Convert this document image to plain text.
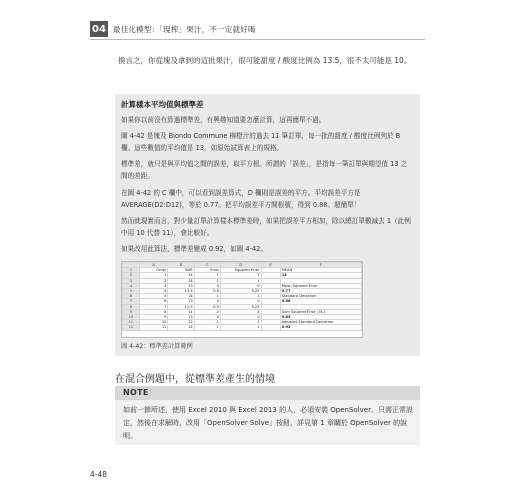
04 最佳化模型：「現榨」果汁，不一定就好喝
換言之，你從塊及拿到的這批果汁，很可能甜度 / 酸度比例為 13.5，很不太可能是 10。
計算樣本平均值與標準差
如果你以前沒有算過標準差，有興趣知道要怎麼計算，這再簡單不過。
圖 4-42 是塊及 Biondo Commune 柳橙汁的過去 11 筆訂單，每一批的甜度 / 酸度比例列於 B 欄。這些數值的平均值是 13，如原始試算表上的規格。
標準差，就只是與平均值之間的誤差，取平方根。所謂的「誤差」，是指每一筆訂單與期望值 13 之間的差距。
在圖 4-42 的 C 欄中，可以看到誤差算式，D 欄則是誤差的平方。平均誤差平方是 AVERAGE(D2:D12)，等於 0.77。把平均誤差平方開根號，得到 0.88。超簡單！
然而就現實而言，對少量訂單計算樣本標準差時，如果把誤差平方相加，除以總訂單數減去 1（此例中用 10 代替 11），會比較好。
如果改用此算法，標準差變成 0.92，如圖 4-42。
	A	B	C	D	E	F
1	Order	BAR	Error	Squared Error		MEAN
2	1	14	1	1		13
3	2	14	1	1		
4	3	13	0	0		Mean Squared Error
5	4	13.5	0.5	0.25		0.77
6	5	14	1	1		Standard Deviation
7	6	13	0	0		0.88
8	7	12.5	-0.5	0.25		
9	8	11	-2	4		Sum Squared Error / N-1
10	9	13	0	0		0.85
11	10	12	-1	1		Adjusted Standard Deviation
12	11	14	1	1		0.92
圖 4-42：標準差計算範例
在混合例題中，從標準差產生的情境
NOTE
如前一節所述，使用 Excel 2010 與 Excel 2013 的人，必須安裝 OpenSolver。只需正常設定，然後在求解時，改用「OpenSolver Solve」按鈕，詳見第 1 章關於 OpenSolver 的說明。
4-48
